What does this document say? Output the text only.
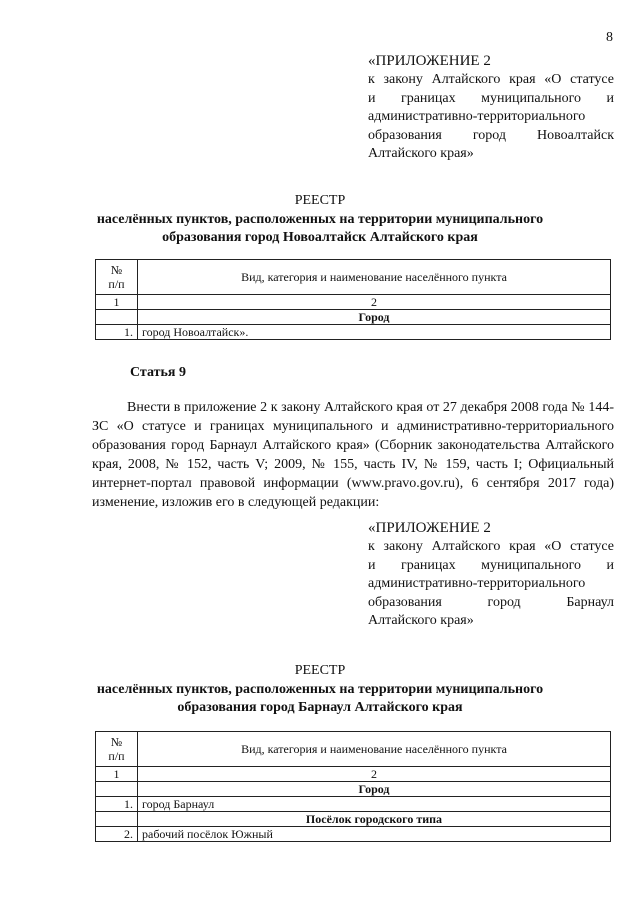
8
«ПРИЛОЖЕНИЕ 2
к закону Алтайского края «О статусе
и границах муниципального и
административно-территориального
образования город Новоалтайск
Алтайского края»
РЕЕСТР
населённых пунктов, расположенных на территории муниципального
образования город Новоалтайск Алтайского края
№
п/п	Вид, категория и наименование населённого пункта
1	2
	Город
1.	город Новоалтайск».
Статья 9

Внести в приложение 2 к закону Алтайского края от 27 декабря 2008 года № 144-ЗС «О статусе и границах муниципального и административно-территориального образования город Барнаул Алтайского края» (Сборник законодательства Алтайского края, 2008, № 152, часть V; 2009, № 155, часть IV, № 159, часть I; Официальный интернет-портал правовой информации (www.pravo.gov.ru), 6 сентября 2017 года) изменение, изложив его в следующей редакции:

«ПРИЛОЖЕНИЕ 2
к закону Алтайского края «О статусе
и границах муниципального и
административно-территориального
образования город Барнаул
Алтайского края»
РЕЕСТР
населённых пунктов, расположенных на территории муниципального
образования город Барнаул Алтайского края
№
п/п	Вид, категория и наименование населённого пункта
1	2
	Город
1.	город Барнаул
	Посёлок городского типа
2.	рабочий посёлок Южный
